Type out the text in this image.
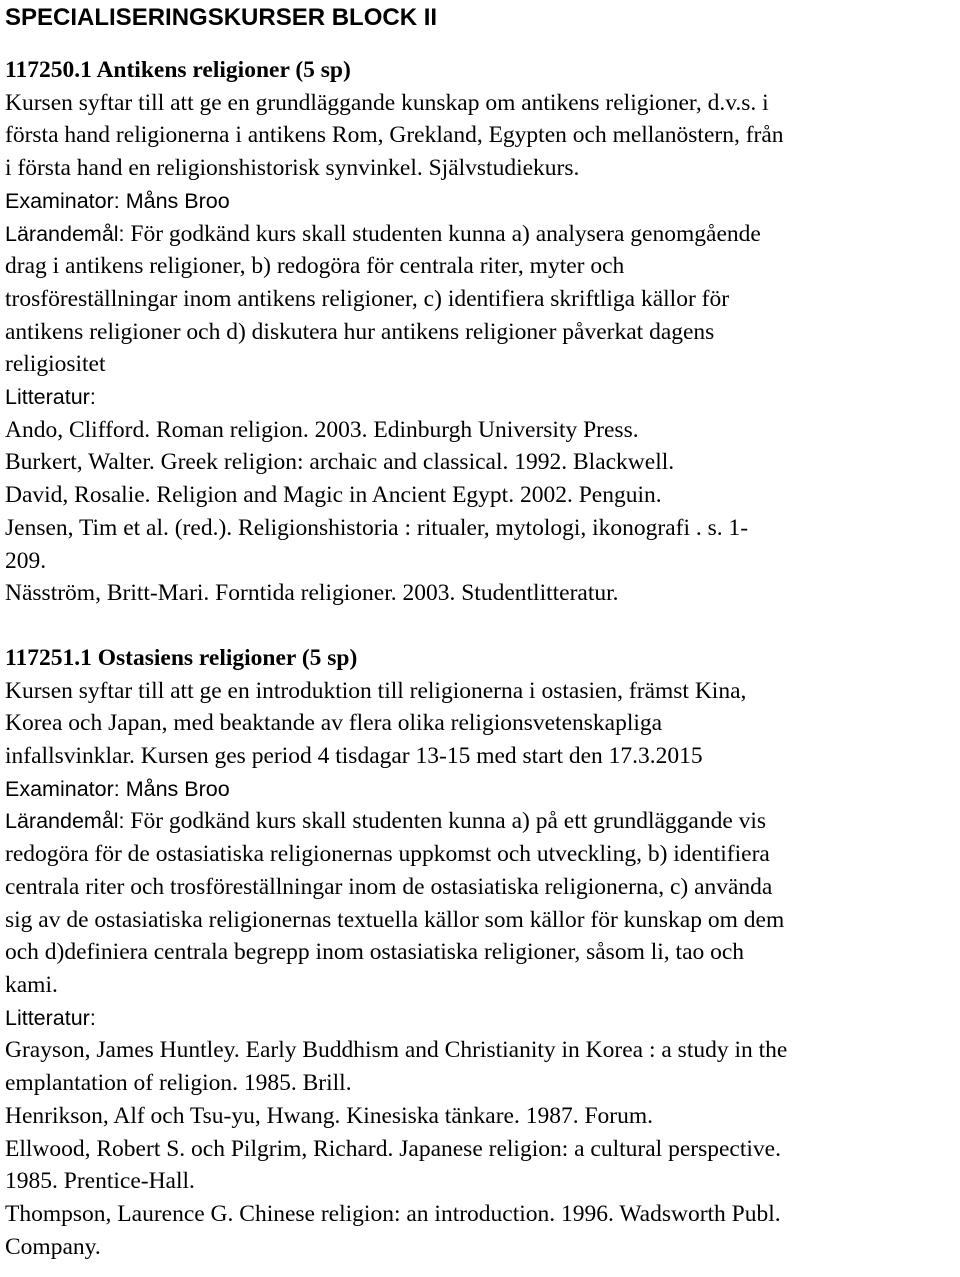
SPECIALISERINGSKURSER BLOCK II

117250.1 Antikens religioner (5 sp)

Kursen syftar till att ge en grundläggande kunskap om antikens religioner, d.v.s. i
första hand religionerna i antikens Rom, Grekland, Egypten och mellanöstern, från
i första hand en religionshistorisk synvinkel. Självstudiekurs.

Examinator: Måns Broo

Lärandemål: För godkänd kurs skall studenten kunna a) analysera genomgående
drag i antikens religioner, b) redogöra för centrala riter, myter och
trosföreställningar inom antikens religioner, c) identifiera skriftliga källor för
antikens religioner och d) diskutera hur antikens religioner påverkat dagens
religiositet

Litteratur:

Ando, Clifford. Roman religion. 2003. Edinburgh University Press.

Burkert, Walter. Greek religion: archaic and classical. 1992. Blackwell.

David, Rosalie. Religion and Magic in Ancient Egypt. 2002. Penguin.

Jensen, Tim et al. (red.). Religionshistoria : ritualer, mytologi, ikonografi . s. 1-
209.

Näsström, Britt-Mari. Forntida religioner. 2003. Studentlitteratur.

117251.1 Ostasiens religioner (5 sp)

Kursen syftar till att ge en introduktion till religionerna i ostasien, främst Kina,
Korea och Japan, med beaktande av flera olika religionsvetenskapliga
infallsvinklar. Kursen ges period 4 tisdagar 13-15 med start den 17.3.2015

Examinator: Måns Broo

Lärandemål: För godkänd kurs skall studenten kunna a) på ett grundläggande vis
redogöra för de ostasiatiska religionernas uppkomst och utveckling, b) identifiera
centrala riter och trosföreställningar inom de ostasiatiska religionerna, c) använda
sig av de ostasiatiska religionernas textuella källor som källor för kunskap om dem
och d)definiera centrala begrepp inom ostasiatiska religioner, såsom li, tao och
kami.

Litteratur:

Grayson, James Huntley. Early Buddhism and Christianity in Korea : a study in the
emplantation of religion. 1985. Brill.

Henrikson, Alf och Tsu-yu, Hwang. Kinesiska tänkare. 1987. Forum.

Ellwood, Robert S. och Pilgrim, Richard. Japanese religion: a cultural perspective.
1985. Prentice-Hall.

Thompson, Laurence G. Chinese religion: an introduction. 1996. Wadsworth Publ.
Company.
